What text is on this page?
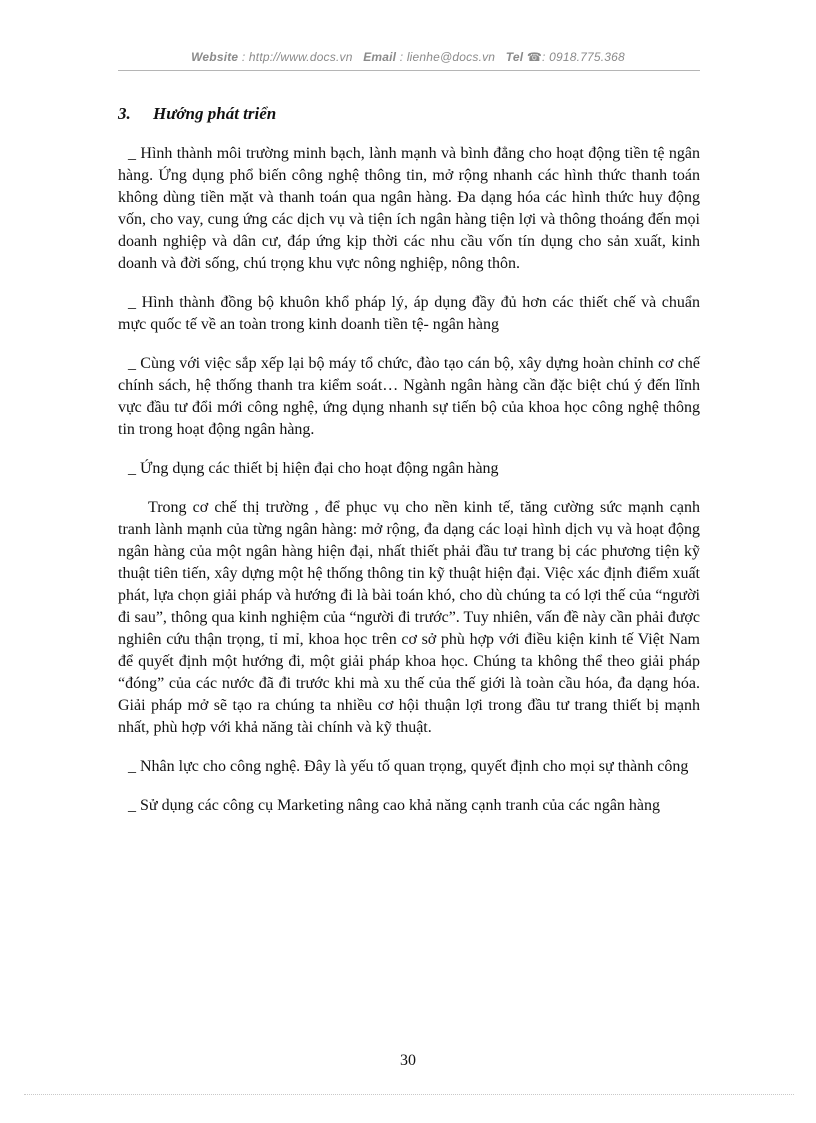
Website : http://www.docs.vn Email : lienhe@docs.vn Tel ☎: 0918.775.368
3. Hướng phát triển

_ Hình thành môi trường minh bạch, lành mạnh và bình đẳng cho hoạt động tiền tệ ngân hàng. Ứng dụng phổ biến công nghệ thông tin, mở rộng nhanh các hình thức thanh toán không dùng tiền mặt và thanh toán qua ngân hàng. Đa dạng hóa các hình thức huy động vốn, cho vay, cung ứng các dịch vụ và tiện ích ngân hàng tiện lợi và thông thoáng đến mọi doanh nghiệp và dân cư, đáp ứng kịp thời các nhu cầu vốn tín dụng cho sản xuất, kinh doanh và đời sống, chú trọng khu vực nông nghiệp, nông thôn.

_ Hình thành đồng bộ khuôn khổ pháp lý, áp dụng đầy đủ hơn các thiết chế và chuẩn mực quốc tế về an toàn trong kinh doanh tiền tệ- ngân hàng

_ Cùng với việc sắp xếp lại bộ máy tổ chức, đào tạo cán bộ, xây dựng hoàn chỉnh cơ chế chính sách, hệ thống thanh tra kiểm soát… Ngành ngân hàng cần đặc biệt chú ý đến lĩnh vực đầu tư đổi mới công nghệ, ứng dụng nhanh sự tiến bộ của khoa học công nghệ thông tin trong hoạt động ngân hàng.

_ Ứng dụng các thiết bị hiện đại cho hoạt động ngân hàng

Trong cơ chế thị trường , để phục vụ cho nền kinh tế, tăng cường sức mạnh cạnh tranh lành mạnh của từng ngân hàng: mở rộng, đa dạng các loại hình dịch vụ và hoạt động ngân hàng của một ngân hàng hiện đại, nhất thiết phải đầu tư trang bị các phương tiện kỹ thuật tiên tiến, xây dựng một hệ thống thông tin kỹ thuật hiện đại. Việc xác định điểm xuất phát, lựa chọn giải pháp và hướng đi là bài toán khó, cho dù chúng ta có lợi thế của “người đi sau”, thông qua kinh nghiệm của “người đi trước”. Tuy nhiên, vấn đề này cần phải được nghiên cứu thận trọng, tỉ mỉ, khoa học trên cơ sở phù hợp với điều kiện kinh tế Việt Nam để quyết định một hướng đi, một giải pháp khoa học. Chúng ta không thể theo giải pháp “đóng” của các nước đã đi trước khi mà xu thế của thế giới là toàn cầu hóa, đa dạng hóa. Giải pháp mở sẽ tạo ra chúng ta nhiều cơ hội thuận lợi trong đầu tư trang thiết bị mạnh nhất, phù hợp với khả năng tài chính và kỹ thuật.

_ Nhân lực cho công nghệ. Đây là yếu tố quan trọng, quyết định cho mọi sự thành công

_ Sử dụng các công cụ Marketing nâng cao khả năng cạnh tranh của các ngân hàng

30
